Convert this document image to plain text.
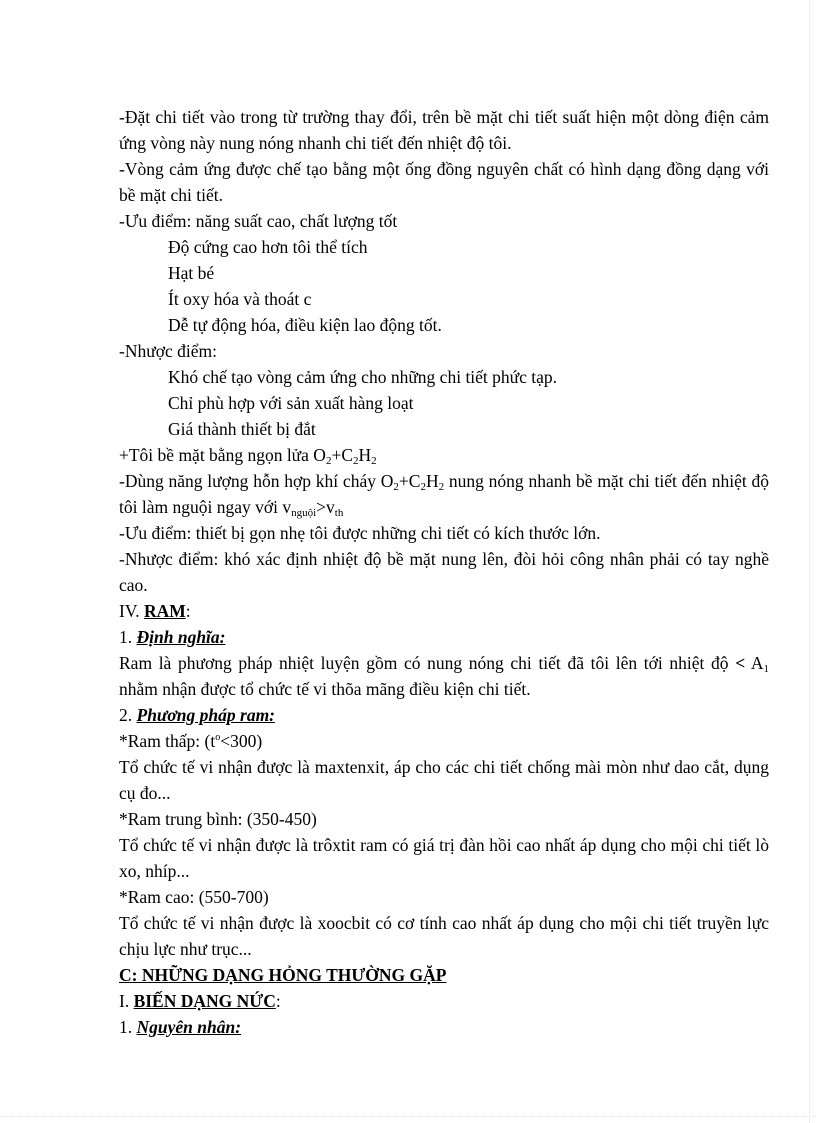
-Đặt chi tiết vào trong từ trường thay đổi, trên bề mặt chi tiết suất hiện một dòng điện cảm ứng vòng này nung nóng nhanh chi tiết đến nhiệt độ tôi.

-Vòng cảm ứng được chế tạo bằng một ống đồng nguyên chất có hình dạng đồng dạng với bề mặt chi tiết.

-Ưu điểm: năng suất cao, chất lượng tốt

Độ cứng cao hơn tôi thể tích

Hạt bé

Ít oxy hóa và thoát c

Dễ tự động hóa, điều kiện lao động tốt.

-Nhược điểm:

Khó chế tạo vòng cảm ứng cho những chi tiết phức tạp.

Chỉ phù hợp với sản xuất hàng loạt

Giá thành thiết bị đắt

+Tôi bề mặt bằng ngọn lửa $O_2+C_2H_2$

-Dùng năng lượng hỗn hợp khí cháy $O_2+C_2H_2$ nung nóng nhanh bề mặt chi tiết đến nhiệt độ tôi làm nguội ngay với $v_{nguội}>v_{th}$

-Ưu điểm: thiết bị gọn nhẹ tôi được những chi tiết có kích thước lớn.

-Nhược điểm: khó xác định nhiệt độ bề mặt nung lên, đòi hỏi công nhân phải có tay nghề cao.

IV. RAM:

1. Định nghĩa:

Ram là phương pháp nhiệt luyện gồm có nung nóng chi tiết đã tôi lên tới nhiệt độ < $A_1$ nhằm nhận được tổ chức tế vi thõa mãng điều kiện chi tiết.

2. Phương pháp ram:

*Ram thấp: $(t^o<300)$

Tổ chức tế vi nhận được là maxtenxit, áp cho các chi tiết chống mài mòn như dao cắt, dụng cụ đo...

*Ram trung bình: (350-450)

Tổ chức tế vi nhận được là trôxtit ram có giá trị đàn hồi cao nhất áp dụng cho mội chi tiết lò xo, nhíp...

*Ram cao: (550-700)

Tổ chức tế vi nhận được là xoocbit có cơ tính cao nhất áp dụng cho mội chi tiết truyền lực chịu lực như trục...

C: NHỮNG DẠNG HỎNG THƯỜNG GẶP

I. BIẾN DẠNG NỨC:

1. Nguyên nhân:
